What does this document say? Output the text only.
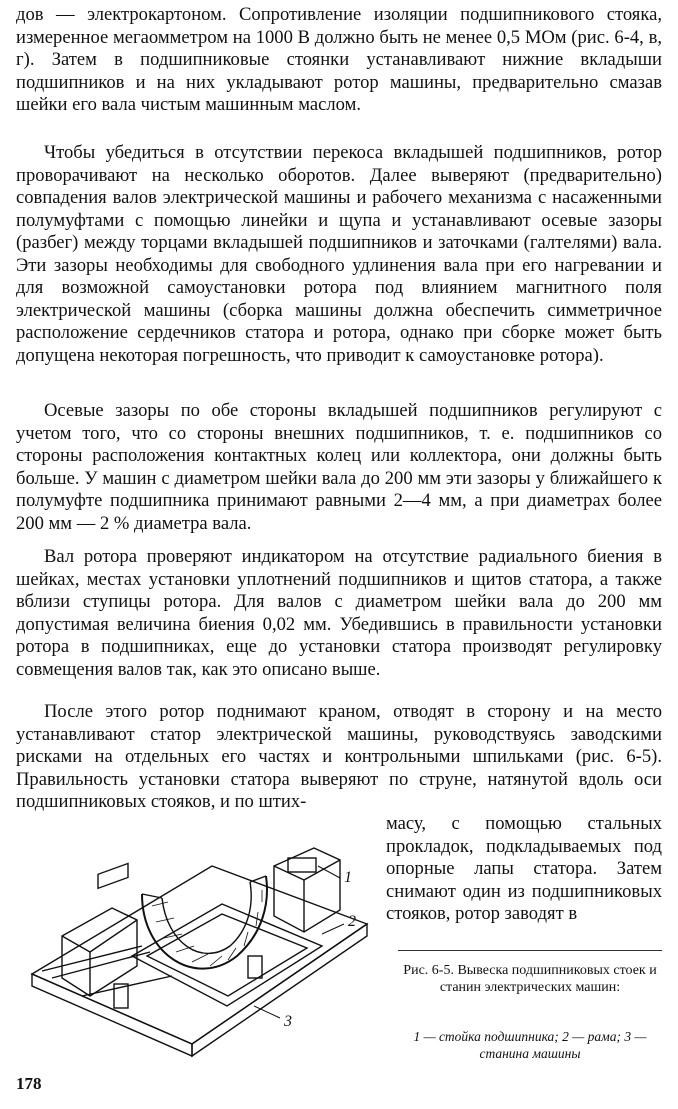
дов — электрокартоном. Сопротивление изоляции подшипникового стояка, измеренное мегаомметром на 1000 В должно быть не менее 0,5 МОм (рис. 6-4, в, г). Затем в подшипниковые стоянки устанавливают нижние вкладыши подшипников и на них укладывают ротор машины, предварительно смазав шейки его вала чистым машинным маслом.

Чтобы убедиться в отсутствии перекоса вкладышей подшипников, ротор проворачивают на несколько оборотов. Далее выверяют (предварительно) совпадения валов электрической машины и рабочего механизма с насаженными полумуфтами с помощью линейки и щупа и устанавливают осевые зазоры (разбег) между торцами вкладышей подшипников и заточками (галтелями) вала. Эти зазоры необходимы для свободного удлинения вала при его нагревании и для возможной самоустановки ротора под влиянием магнитного поля электрической машины (сборка машины должна обеспечить симметричное расположение сердечников статора и ротора, однако при сборке может быть допущена некоторая погрешность, что приводит к самоустановке ротора).

Осевые зазоры по обе стороны вкладышей подшипников регулируют с учетом того, что со стороны внешних подшипников, т. е. подшипников со стороны расположения контактных колец или коллектора, они должны быть больше. У машин с диаметром шейки вала до 200 мм эти зазоры у ближайшего к полумуфте подшипника принимают равными 2—4 мм, а при диаметрах более 200 мм — 2 % диаметра вала.

Вал ротора проверяют индикатором на отсутствие радиального биения в шейках, местах установки уплотнений подшипников и щитов статора, а также вблизи ступицы ротора. Для валов с диаметром шейки вала до 200 мм допустимая величина биения 0,02 мм. Убедившись в правильности установки ротора в подшипниках, еще до установки статора производят регулировку совмещения валов так, как это описано выше.

После этого ротор поднимают краном, отводят в сторону и на место устанавливают статор электрической машины, руководствуясь заводскими рисками на отдельных его частях и контрольными шпильками (рис. 6-5). Правильность установки статора выверяют по струне, натянутой вдоль оси подшипниковых стояков, и по штих-

масу, с помощью стальных прокладок, подкладываемых под опорные лапы статора. Затем снимают один из подшипниковых стояков, ротор заводят в

1
2
3

Рис. 6-5. Вывеска подшипниковых стоек и станин электрических машин:

1 — стойка подшипника; 2 — рама; 3 — станина машины

178
